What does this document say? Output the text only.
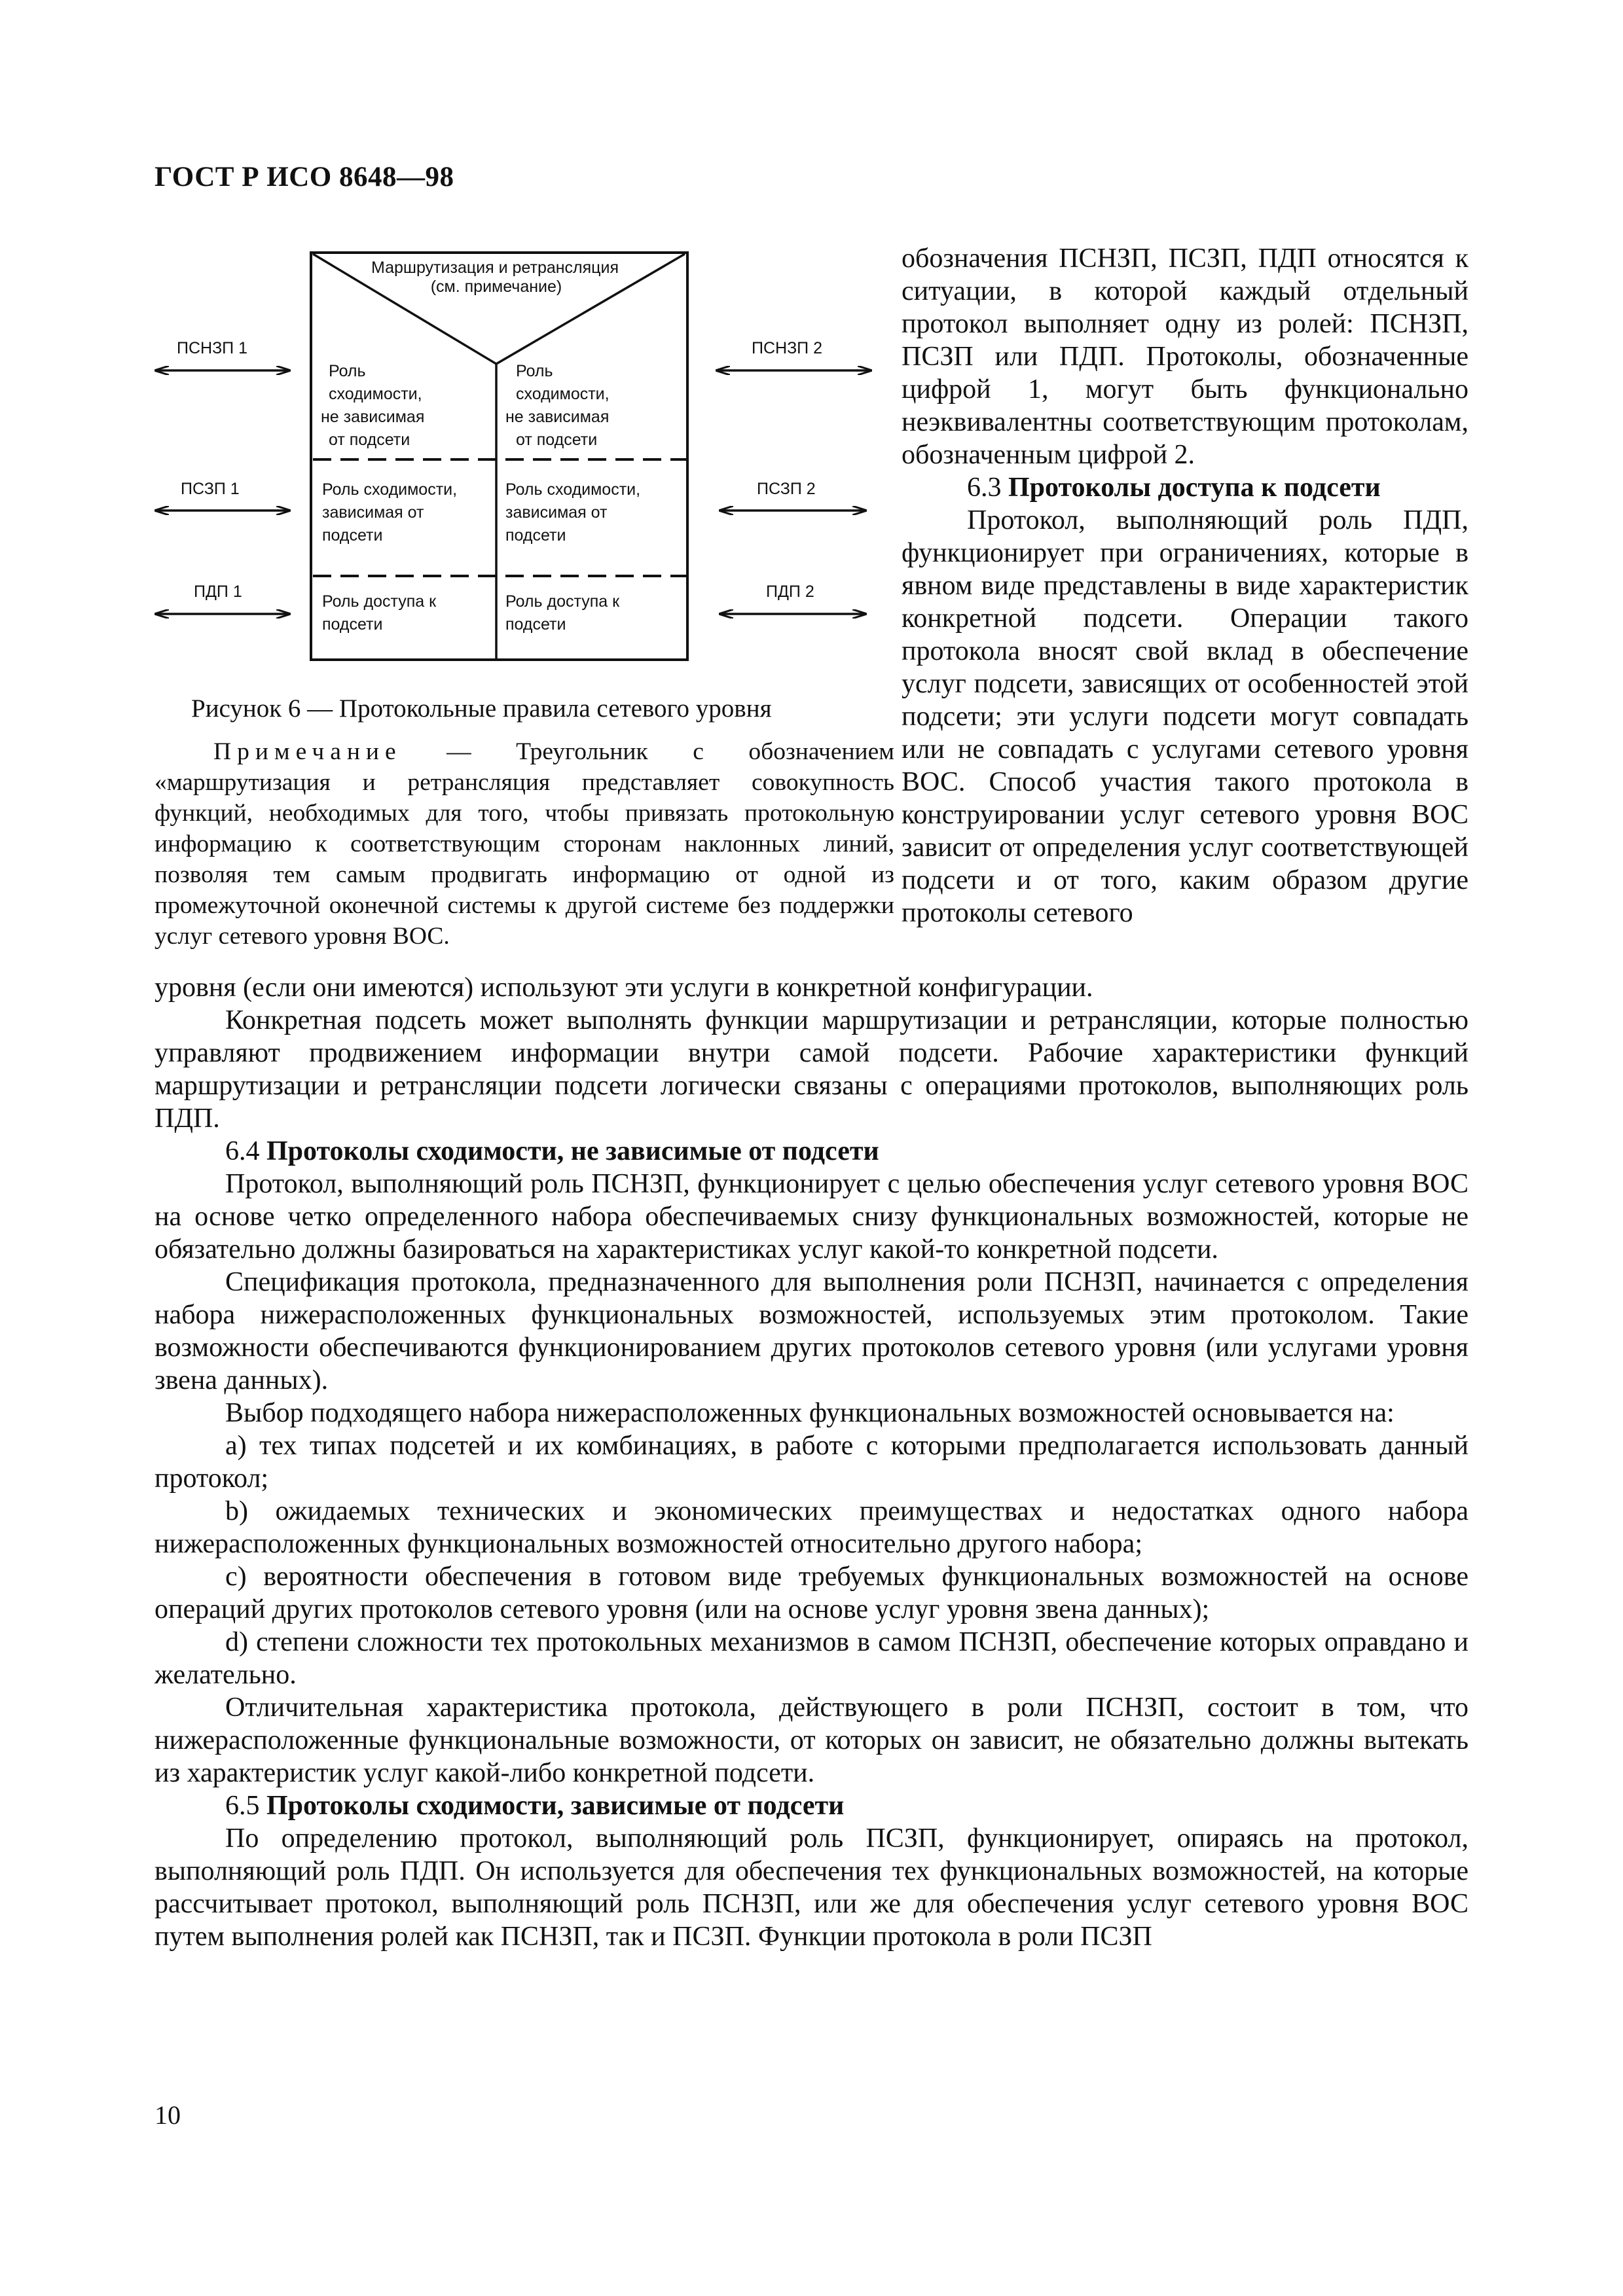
ГОСТ Р ИСО 8648—98
Маршрутизация и ретрансляция
(см. примечание)
Роль
сходимости,
не зависимая
от подсети
Роль
сходимости,
не зависимая
от подсети
Роль сходимости,
зависимая от
подсети
Роль сходимости,
зависимая от
подсети
Роль доступа к
подсети
Роль доступа к
подсети
ПСНЗП 1
ПСЗП 1
ПДП 1
ПСНЗП 2
ПСЗП 2
ПДП 2
Рисунок 6 — Протокольные правила сетевого уровня

Примечание — Треугольник с обозначением «маршрутизация и ретрансляция представляет совокупность функций, необходимых для того, чтобы привязать протокольную информацию к соответствующим сторонам наклонных линий, позволяя тем самым продвигать информацию от одной из промежуточной оконечной системы к другой системе без поддержки услуг сетевого уровня ВОС.

обозначения ПСНЗП, ПСЗП, ПДП относятся к ситуации, в которой каждый отдельный протокол выполняет одну из ролей: ПСНЗП, ПСЗП или ПДП. Протоколы, обозначенные цифрой 1, могут быть функционально неэквивалентны соответствующим протоколам, обозначенным цифрой 2.

6.3 Протоколы доступа к подсети

Протокол, выполняющий роль ПДП, функционирует при ограничениях, которые в явном виде представлены в виде характеристик конкретной подсети. Операции такого протокола вносят свой вклад в обеспечение услуг подсети, зависящих от особенностей этой подсети; эти услуги подсети могут совпадать или не совпадать с услугами сетевого уровня ВОС. Способ участия такого протокола в конструировании услуг сетевого уровня ВОС зависит от определения услуг соответствующей подсети и от того, каким образом другие протоколы сетевого

уровня (если они имеются) используют эти услуги в конкретной конфигурации.

Конкретная подсеть может выполнять функции маршрутизации и ретрансляции, которые полностью управляют продвижением информации внутри самой подсети. Рабочие характеристики функций маршрутизации и ретрансляции подсети логически связаны с операциями протоколов, выполняющих роль ПДП.

6.4 Протоколы сходимости, не зависимые от подсети

Протокол, выполняющий роль ПСНЗП, функционирует с целью обеспечения услуг сетевого уровня ВОС на основе четко определенного набора обеспечиваемых снизу функциональных возможностей, которые не обязательно должны базироваться на характеристиках услуг какой-то конкретной подсети.

Спецификация протокола, предназначенного для выполнения роли ПСНЗП, начинается с определения набора нижерасположенных функциональных возможностей, используемых этим протоколом. Такие возможности обеспечиваются функционированием других протоколов сетевого уровня (или услугами уровня звена данных).

Выбор подходящего набора нижерасположенных функциональных возможностей основывается на:

а) тех типах подсетей и их комбинациях, в работе с которыми предполагается использовать данный протокол;

b) ожидаемых технических и экономических преимуществах и недостатках одного набора нижерасположенных функциональных возможностей относительно другого набора;

с) вероятности обеспечения в готовом виде требуемых функциональных возможностей на основе операций других протоколов сетевого уровня (или на основе услуг уровня звена данных);

d) степени сложности тех протокольных механизмов в самом ПСНЗП, обеспечение которых оправдано и желательно.

Отличительная характеристика протокола, действующего в роли ПСНЗП, состоит в том, что нижерасположенные функциональные возможности, от которых он зависит, не обязательно должны вытекать из характеристик услуг какой-либо конкретной подсети.

6.5 Протоколы сходимости, зависимые от подсети

По определению протокол, выполняющий роль ПСЗП, функционирует, опираясь на протокол, выполняющий роль ПДП. Он используется для обеспечения тех функциональных возможностей, на которые рассчитывает протокол, выполняющий роль ПСНЗП, или же для обеспечения услуг сетевого уровня ВОС путем выполнения ролей как ПСНЗП, так и ПСЗП. Функции протокола в роли ПСЗП

10
